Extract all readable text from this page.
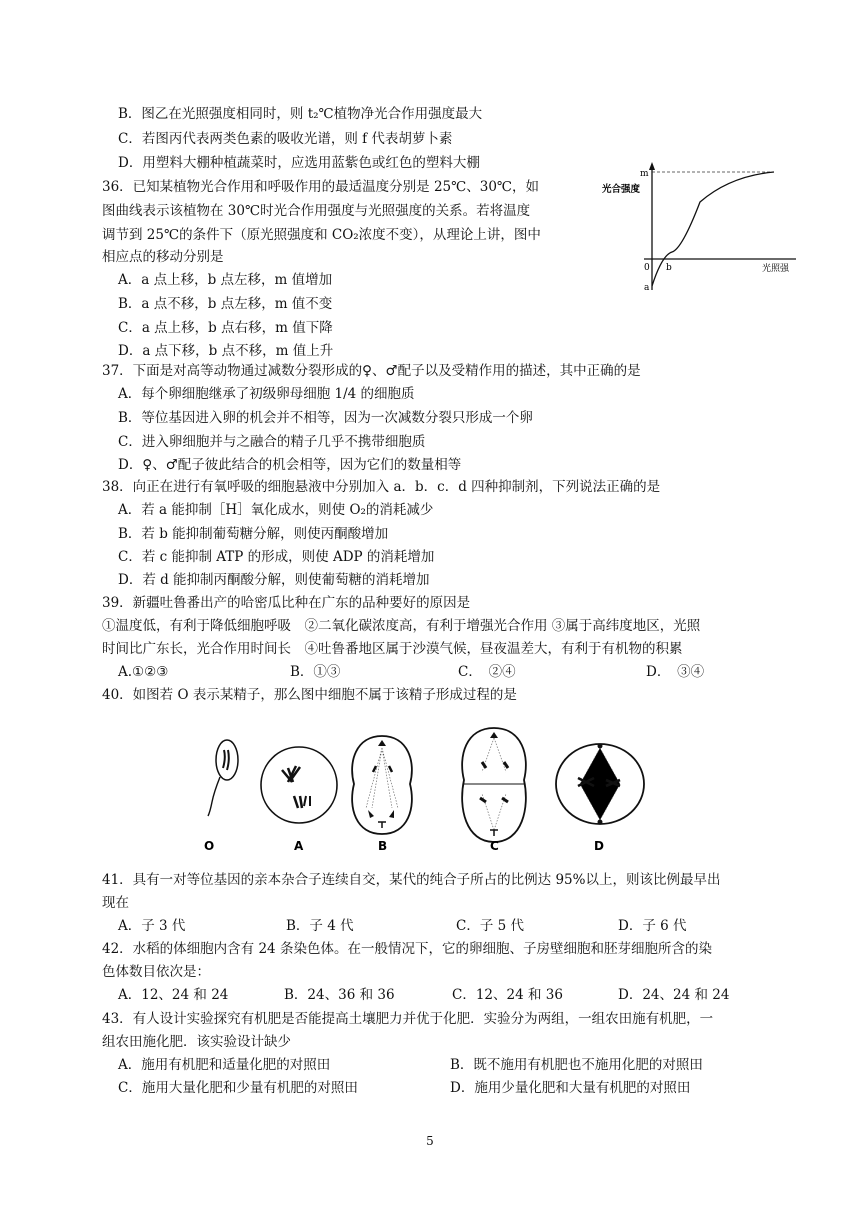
B．图乙在光照强度相同时，则 t₂℃植物净光合作用强度最大
C．若图丙代表两类色素的吸收光谱，则 f 代表胡萝卜素
D．用塑料大棚种植蔬菜时，应选用蓝紫色或红色的塑料大棚
36．已知某植物光合作用和呼吸作用的最适温度分别是 25℃、30℃，如
图曲线表示该植物在 30℃时光合作用强度与光照强度的关系。若将温度
调节到 25℃的条件下（原光照强度和 CO₂浓度不变），从理论上讲，图中
相应点的移动分别是
A．a 点上移，b 点左移，m 值增加
B．a 点不移，b 点左移，m 值不变
C．a 点上移，b 点右移，m 值下降
D．a 点下移，b 点不移，m 值上升
37．下面是对高等动物通过减数分裂形成的♀、♂配子以及受精作用的描述，其中正确的是
A．每个卵细胞继承了初级卵母细胞 1/4 的细胞质
B．等位基因进入卵的机会并不相等，因为一次减数分裂只形成一个卵
C．进入卵细胞并与之融合的精子几乎不携带细胞质
D．♀、♂配子彼此结合的机会相等，因为它们的数量相等
38．向正在进行有氧呼吸的细胞悬液中分别加入 a．b．c．d 四种抑制剂，下列说法正确的是
A．若 a 能抑制［H］氧化成水，则使 O₂的消耗减少
B．若 b 能抑制葡萄糖分解，则使丙酮酸增加
C．若 c 能抑制 ATP 的形成，则使 ADP 的消耗增加
D．若 d 能抑制丙酮酸分解，则使葡萄糖的消耗增加
39．新疆吐鲁番出产的哈密瓜比种在广东的品种要好的原因是
①温度低，有利于降低细胞呼吸　②二氧化碳浓度高，有利于增强光合作用 ③属于高纬度地区，光照
时间比广东长，光合作用时间长　④吐鲁番地区属于沙漠气候，昼夜温差大，有利于有机物的积累
A.①②③	B．①③	C．　②④	D．　③④
40．如图若 O 表示某精子，那么图中细胞不属于该精子形成过程的是
41．具有一对等位基因的亲本杂合子连续自交，某代的纯合子所占的比例达 95%以上，则该比例最早出
现在
A．子 3 代	B．子 4 代	C．子 5 代	D．子 6 代
42．水稻的体细胞内含有 24 条染色体。在一般情况下，它的卵细胞、子房壁细胞和胚芽细胞所含的染
色体数目依次是：
A．12、24 和 24	B．24、36 和 36	C．12、24 和 36	D．24、24 和 24
43．有人设计实验探究有机肥是否能提高土壤肥力并优于化肥．实验分为两组，一组农田施有机肥，一
组农田施化肥．该实验设计缺少
A．施用有机肥和适量化肥的对照田	B．既不施用有机肥也不施用化肥的对照田
C．施用大量化肥和少量有机肥的对照田	D．施用少量化肥和大量有机肥的对照田
m
光合强度
0 b
a
光照强
O	A	B	C	D
5
